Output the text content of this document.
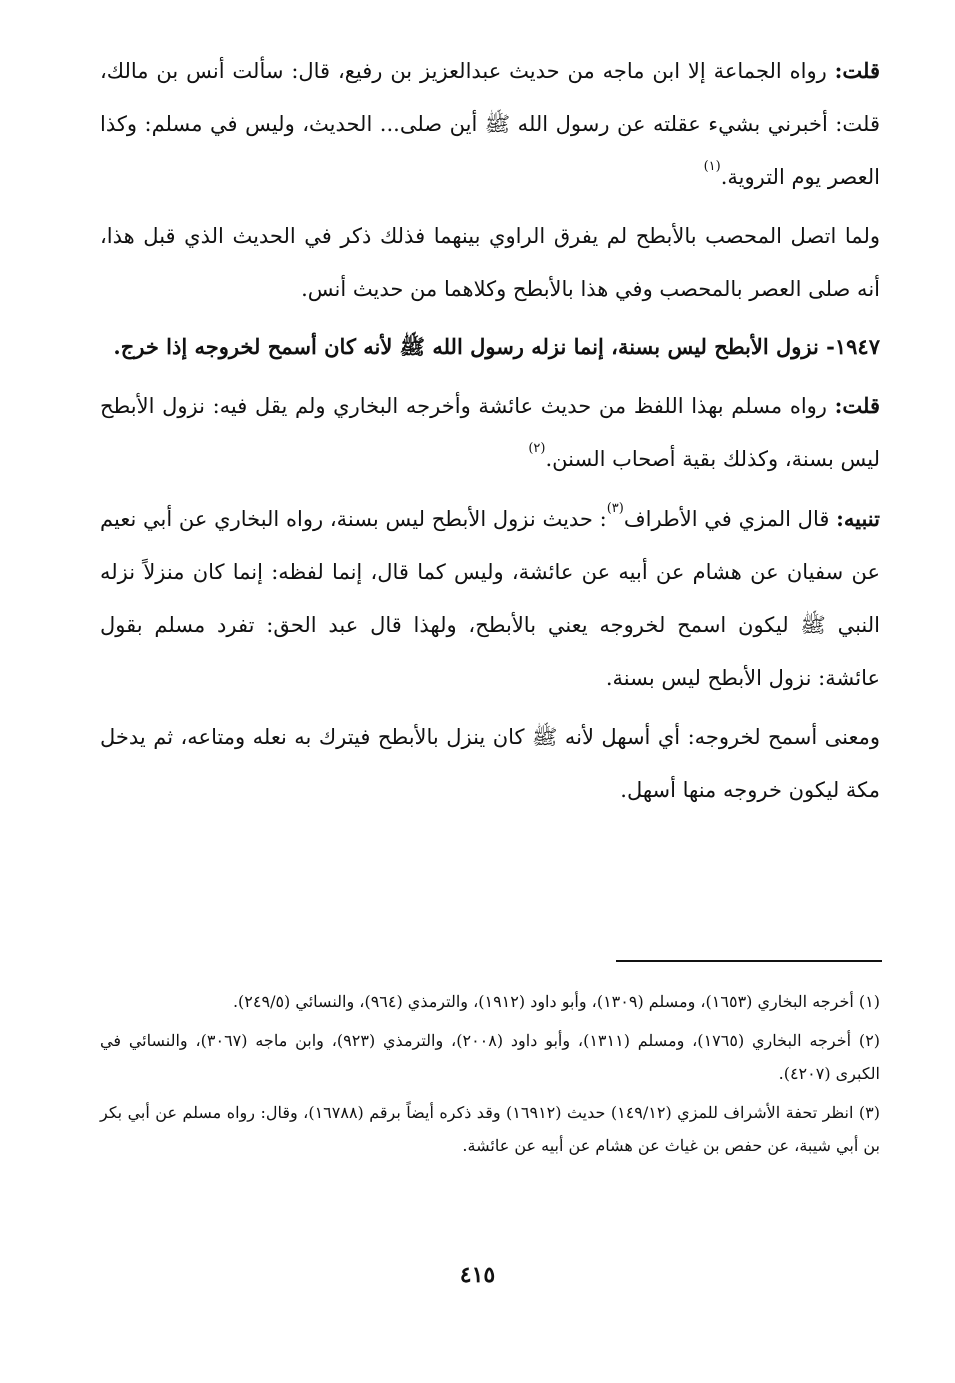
قلت: رواه الجماعة إلا ابن ماجه من حديث عبدالعزيز بن رفيع، قال: سألت أنس بن مالك، قلت: أخبرني بشيء عقلته عن رسول الله ﷺ أين صلى... الحديث، وليس في مسلم: وكذا العصر يوم التروية.$^{(١)}$

ولما اتصل المحصب بالأبطح لم يفرق الراوي بينهما فذلك ذكر في الحديث الذي قبل هذا، أنه صلى العصر بالمحصب وفي هذا بالأبطح وكلاهما من حديث أنس.

١٩٤٧- نزول الأبطح ليس بسنة، إنما نزله رسول الله ﷺ لأنه كان أسمح لخروجه إذا خرج.

قلت: رواه مسلم بهذا اللفظ من حديث عائشة وأخرجه البخاري ولم يقل فيه: نزول الأبطح ليس بسنة، وكذلك بقية أصحاب السنن.$^{(٢)}$

تنبيه: قال المزي في الأطراف$^{(٣)}$: حديث نزول الأبطح ليس بسنة، رواه البخاري عن أبي نعيم عن سفيان عن هشام عن أبيه عن عائشة، وليس كما قال، إنما لفظه: إنما كان منزلاً نزله النبي ﷺ ليكون اسمح لخروجه يعني بالأبطح، ولهذا قال عبد الحق: تفرد مسلم بقول عائشة: نزول الأبطح ليس بسنة.

ومعنى أسمح لخروجه: أي أسهل لأنه ﷺ كان ينزل بالأبطح فيترك به نعله ومتاعه، ثم يدخل مكة ليكون خروجه منها أسهل.

(١) أخرجه البخاري (١٦٥٣)، ومسلم (١٣٠٩)، وأبو داود (١٩١٢)، والترمذي (٩٦٤)، والنسائي (٢٤٩/٥).

(٢) أخرجه البخاري (١٧٦٥)، ومسلم (١٣١١)، وأبو داود (٢٠٠٨)، والترمذي (٩٢٣)، وابن ماجه (٣٠٦٧)، والنسائي في الكبرى (٤٢٠٧).

(٣) انظر تحفة الأشراف للمزي (١٤٩/١٢) حديث (١٦٩١٢) وقد ذكره أيضاً برقم (١٦٧٨٨)، وقال: رواه مسلم عن أبي بكر بن أبي شيبة، عن حفص بن غياث عن هشام عن أبيه عن عائشة.

٤١٥
